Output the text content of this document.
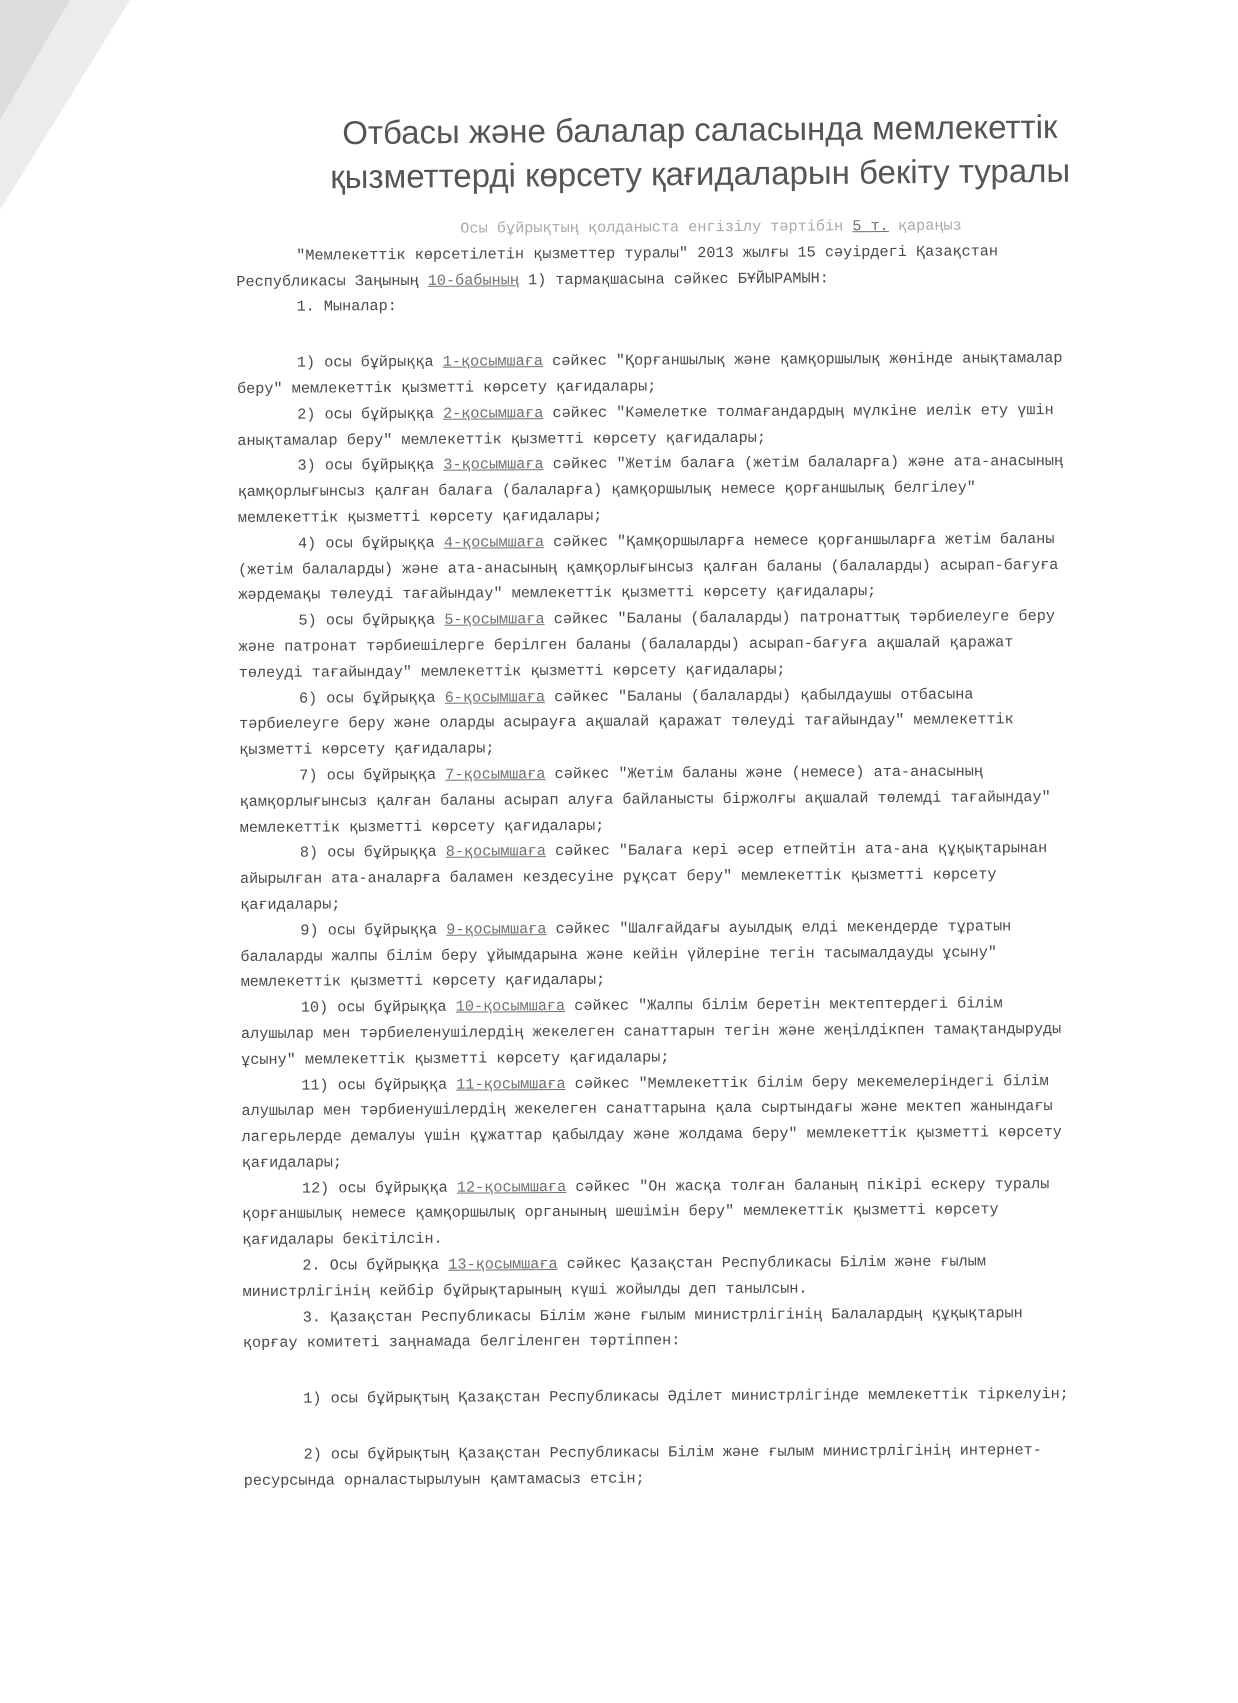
Отбасы және балалар саласында мемлекеттік
қызметтерді көрсету қағидаларын бекіту туралы

Осы бұйрықтың қолданыста енгізілу тәртібін 5 т. қараңыз

"Мемлекеттік көрсетілетін қызметтер туралы" 2013 жылғы 15 сәуірдегі Қазақстан

Республикасы Заңының 10-бабының 1) тармақшасына сәйкес БҰЙЫРАМЫН:

1. Мыналар:

1) осы бұйрыққа 1-қосымшаға сәйкес "Қорғаншылық және қамқоршылық жөнінде анықтамалар

беру" мемлекеттік қызметті көрсету қағидалары;

2) осы бұйрыққа 2-қосымшаға сәйкес "Кәмелетке толмағандардың мүлкіне иелік ету үшін

анықтамалар беру" мемлекеттік қызметті көрсету қағидалары;

3) осы бұйрыққа 3-қосымшаға сәйкес "Жетім балаға (жетім балаларға) және ата-анасының

қамқорлығынсыз қалған балаға (балаларға) қамқоршылық немесе қорғаншылық белгілеу"

мемлекеттік қызметті көрсету қағидалары;

4) осы бұйрыққа 4-қосымшаға сәйкес "Қамқоршыларға немесе қорғаншыларға жетім баланы

(жетім балаларды) және ата-анасының қамқорлығынсыз қалған баланы (балаларды) асырап-бағуға

жәрдемақы төлеуді тағайындау" мемлекеттік қызметті көрсету қағидалары;

5) осы бұйрыққа 5-қосымшаға сәйкес "Баланы (балаларды) патронаттық тәрбиелеуге беру

және патронат тәрбиешілерге берілген баланы (балаларды) асырап-бағуға ақшалай қаражат

төлеуді тағайындау" мемлекеттік қызметті көрсету қағидалары;

6) осы бұйрыққа 6-қосымшаға сәйкес "Баланы (балаларды) қабылдаушы отбасына

тәрбиелеуге беру және оларды асырауға ақшалай қаражат төлеуді тағайындау" мемлекеттік

қызметті көрсету қағидалары;

7) осы бұйрыққа 7-қосымшаға сәйкес "Жетім баланы және (немесе) ата-анасының

қамқорлығынсыз қалған баланы асырап алуға байланысты біржолғы ақшалай төлемді тағайындау"

мемлекеттік қызметті көрсету қағидалары;

8) осы бұйрыққа 8-қосымшаға сәйкес "Балаға кері әсер етпейтін ата-ана құқықтарынан

айырылған ата-аналарға баламен кездесуіне рұқсат беру" мемлекеттік қызметті көрсету

қағидалары;

9) осы бұйрыққа 9-қосымшаға сәйкес "Шалғайдағы ауылдық елді мекендерде тұратын

балаларды жалпы білім беру ұйымдарына және кейін үйлеріне тегін тасымалдауды ұсыну"

мемлекеттік қызметті көрсету қағидалары;

10) осы бұйрыққа 10-қосымшаға сәйкес "Жалпы білім беретін мектептердегі білім

алушылар мен тәрбиеленушілердің жекелеген санаттарын тегін және жеңілдікпен тамақтандыруды

ұсыну" мемлекеттік қызметті көрсету қағидалары;

11) осы бұйрыққа 11-қосымшаға сәйкес "Мемлекеттік білім беру мекемелеріндегі білім

алушылар мен тәрбиенушілердің жекелеген санаттарына қала сыртындағы және мектеп жанындағы

лагерьлерде демалуы үшін құжаттар қабылдау және жолдама беру" мемлекеттік қызметті көрсету

қағидалары;

12) осы бұйрыққа 12-қосымшаға сәйкес "Он жасқа толған баланың пікірі ескеру туралы

қорғаншылық немесе қамқоршылық органының шешімін беру" мемлекеттік қызметті көрсету

қағидалары бекітілсін.

2. Осы бұйрыққа 13-қосымшаға сәйкес Қазақстан Республикасы Білім және ғылым

министрлігінің кейбір бұйрықтарының күші жойылды деп танылсын.

3. Қазақстан Республикасы Білім және ғылым министрлігінің Балалардың құқықтарын

қорғау комитеті заңнамада белгіленген тәртіппен:

1) осы бұйрықтың Қазақстан Республикасы Әділет министрлігінде мемлекеттік тіркелуін;

2) осы бұйрықтың Қазақстан Республикасы Білім және ғылым министрлігінің интернет-

ресурсында орналастырылуын қамтамасыз етсін;
